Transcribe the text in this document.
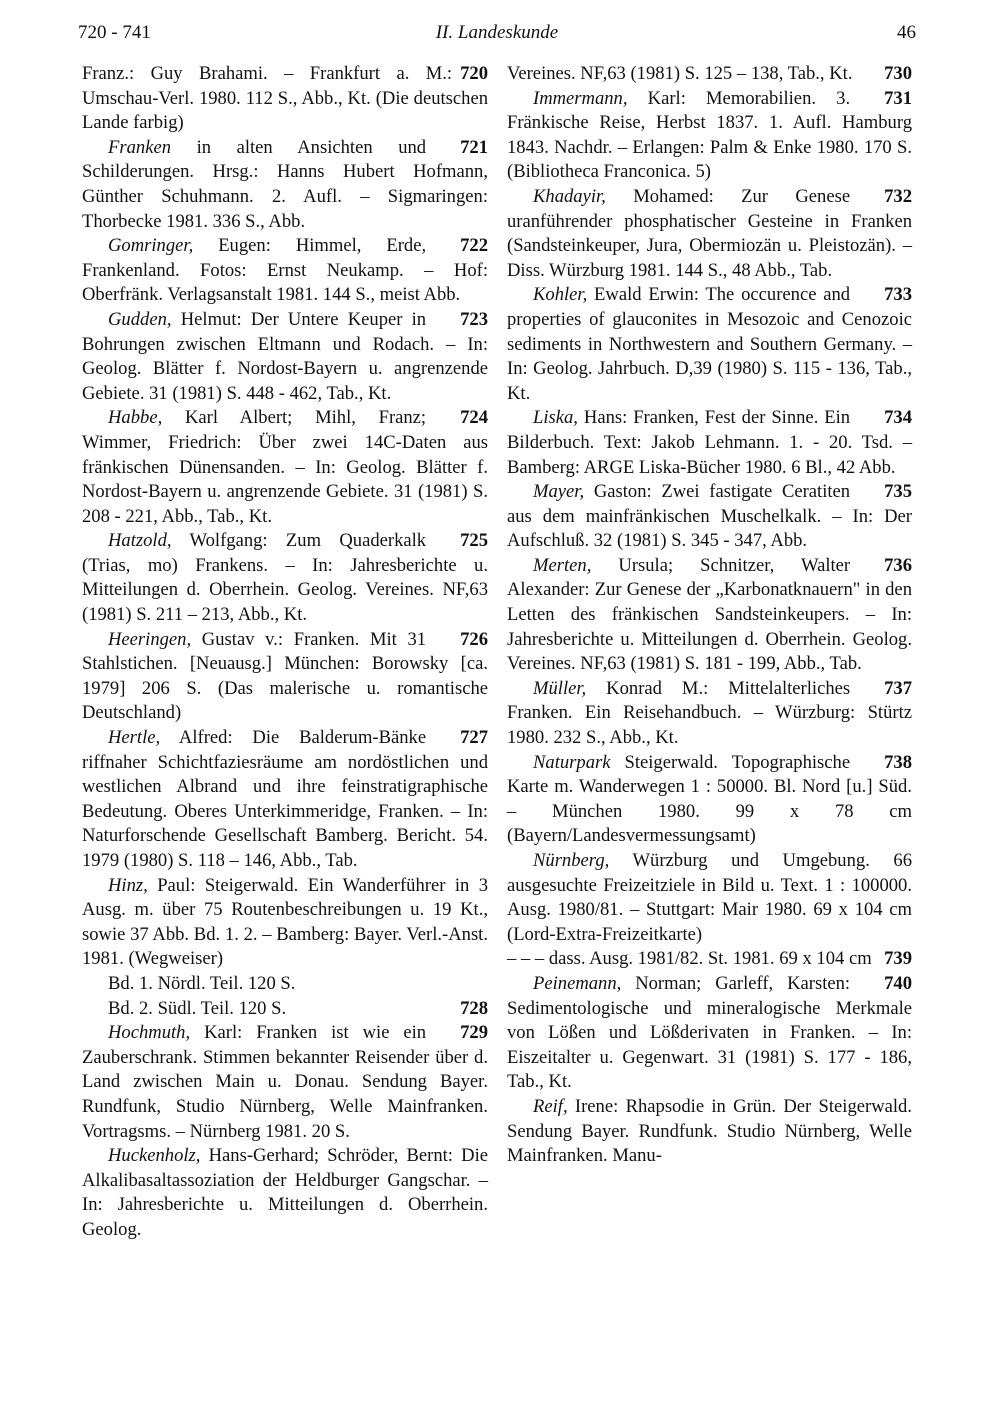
720 - 741	II. Landeskunde	46

720
Franz.: Guy Brahami. – Frankfurt a. M.: Umschau-Verl. 1980. 112 S., Abb., Kt. (Die deutschen Lande farbig)

721
Franken in alten Ansichten und Schilderungen. Hrsg.: Hanns Hubert Hofmann, Günther Schuhmann. 2. Aufl. – Sigmaringen: Thorbecke 1981. 336 S., Abb.

722
Gomringer, Eugen: Himmel, Erde, Frankenland. Fotos: Ernst Neukamp. – Hof: Oberfränk. Verlagsanstalt 1981. 144 S., meist Abb.

723
Gudden, Helmut: Der Untere Keuper in Bohrungen zwischen Eltmann und Rodach. – In: Geolog. Blätter f. Nordost-Bayern u. angrenzende Gebiete. 31 (1981) S. 448 - 462, Tab., Kt.

724
Habbe, Karl Albert; Mihl, Franz; Wimmer, Friedrich: Über zwei 14C-Daten aus fränkischen Dünensanden. – In: Geolog. Blätter f. Nordost-Bayern u. angrenzende Gebiete. 31 (1981) S. 208 - 221, Abb., Tab., Kt.

725
Hatzold, Wolfgang: Zum Quaderkalk (Trias, mo) Frankens. – In: Jahresberichte u. Mitteilungen d. Oberrhein. Geolog. Vereines. NF,63 (1981) S. 211 – 213, Abb., Kt.

726
Heeringen, Gustav v.: Franken. Mit 31 Stahlstichen. [Neuausg.] München: Borowsky [ca. 1979] 206 S. (Das malerische u. romantische Deutschland)

727
Hertle, Alfred: Die Balderum-Bänke riffnaher Schichtfaziesräume am nordöstlichen und westlichen Albrand und ihre feinstratigraphische Bedeutung. Oberes Unterkimmeridge, Franken. – In: Naturforschende Gesellschaft Bamberg. Bericht. 54. 1979 (1980) S. 118 – 146, Abb., Tab.

Hinz, Paul: Steigerwald. Ein Wanderführer in 3 Ausg. m. über 75 Routenbeschreibungen u. 19 Kt., sowie 37 Abb. Bd. 1. 2. – Bamberg: Bayer. Verl.-Anst. 1981. (Wegweiser)

Bd. 1. Nördl. Teil. 120 S.

728
Bd. 2. Südl. Teil. 120 S.

729
Hochmuth, Karl: Franken ist wie ein Zauberschrank. Stimmen bekannter Reisender über d. Land zwischen Main u. Donau. Sendung Bayer. Rundfunk, Studio Nürnberg, Welle Mainfranken. Vortragsms. – Nürnberg 1981. 20 S.

Huckenholz, Hans-Gerhard; Schröder, Bernt: Die Alkalibasaltassoziation der Heldburger Gangschar. – In: Jahresberichte u. Mitteilungen d. Oberrhein. Geolog.

730
Vereines. NF,63 (1981) S. 125 – 138, Tab., Kt.

731
Immermann, Karl: Memorabilien. 3. Fränkische Reise, Herbst 1837. 1. Aufl. Hamburg 1843. Nachdr. – Erlangen: Palm & Enke 1980. 170 S. (Bibliotheca Franconica. 5)

732
Khadayir, Mohamed: Zur Genese uranführender phosphatischer Gesteine in Franken (Sandsteinkeuper, Jura, Obermiozän u. Pleistozän). – Diss. Würzburg 1981. 144 S., 48 Abb., Tab.

733
Kohler, Ewald Erwin: The occurence and properties of glauconites in Mesozoic and Cenozoic sediments in Northwestern and Southern Germany. – In: Geolog. Jahrbuch. D,39 (1980) S. 115 - 136, Tab., Kt.

734
Liska, Hans: Franken, Fest der Sinne. Ein Bilderbuch. Text: Jakob Lehmann. 1. - 20. Tsd. – Bamberg: ARGE Liska-Bücher 1980. 6 Bl., 42 Abb.

735
Mayer, Gaston: Zwei fastigate Ceratiten aus dem mainfränkischen Muschelkalk. – In: Der Aufschluß. 32 (1981) S. 345 - 347, Abb.

736
Merten, Ursula; Schnitzer, Walter Alexander: Zur Genese der „Karbonatknauern" in den Letten des fränkischen Sandsteinkeupers. – In: Jahresberichte u. Mitteilungen d. Oberrhein. Geolog. Vereines. NF,63 (1981) S. 181 - 199, Abb., Tab.

737
Müller, Konrad M.: Mittelalterliches Franken. Ein Reisehandbuch. – Würzburg: Stürtz 1980. 232 S., Abb., Kt.

738
Naturpark Steigerwald. Topographische Karte m. Wanderwegen 1 : 50000. Bl. Nord [u.] Süd. – München 1980. 99 x 78 cm (Bayern/Landesvermessungsamt)

Nürnberg, Würzburg und Umgebung. 66 ausgesuchte Freizeitziele in Bild u. Text. 1 : 100000. Ausg. 1980/81. – Stuttgart: Mair 1980. 69 x 104 cm (Lord-Extra-Freizeitkarte)

739
– – – dass. Ausg. 1981/82. St. 1981. 69 x 104 cm

740
Peinemann, Norman; Garleff, Karsten: Sedimentologische und mineralogische Merkmale von Lößen und Lößderivaten in Franken. – In: Eiszeitalter u. Gegenwart. 31 (1981) S. 177 - 186, Tab., Kt.

Reif, Irene: Rhapsodie in Grün. Der Steigerwald. Sendung Bayer. Rundfunk. Studio Nürnberg, Welle Mainfranken. Manu-
